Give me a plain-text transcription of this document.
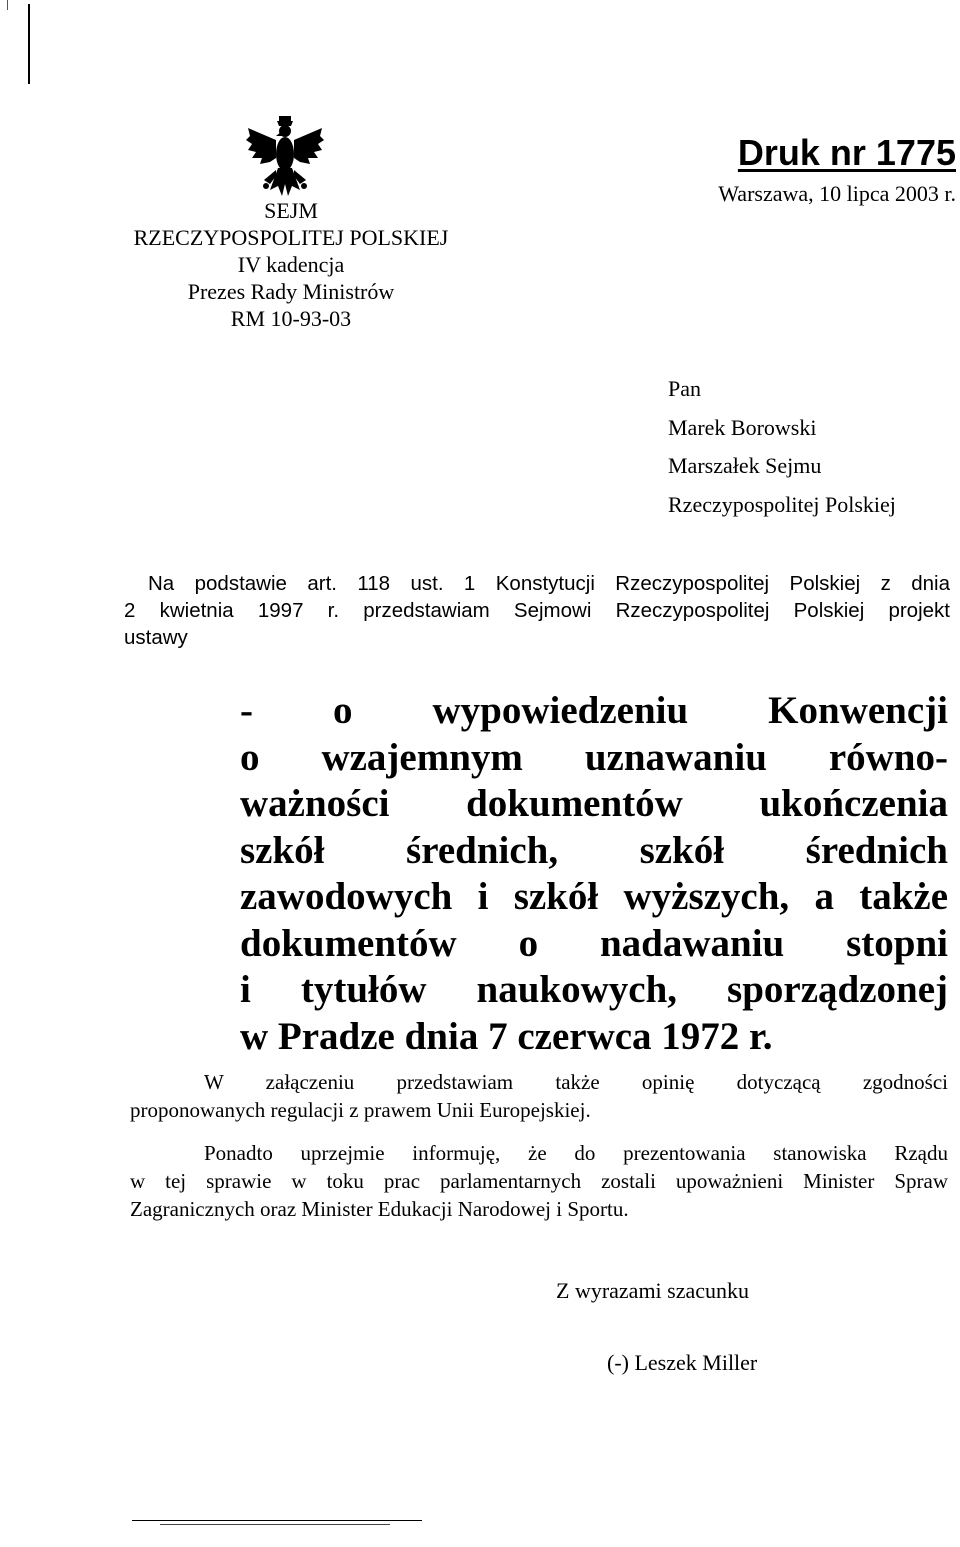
SEJM
RZECZYPOSPOLITEJ POLSKIEJ
IV kadencja
Prezes Rady Ministrów
RM 10-93-03
Druk nr 1775
Warszawa, 10 lipca 2003 r.
Pan
Marek Borowski
Marszałek Sejmu
Rzeczypospolitej Polskiej
Na podstawie art. 118 ust. 1 Konstytucji Rzeczypospolitej Polskiej z dnia
2 kwietnia 1997 r. przedstawiam Sejmowi Rzeczypospolitej Polskiej projekt
ustawy
- o wypowiedzeniu Konwencji
o wzajemnym uznawaniu równo-
ważności dokumentów ukończenia
szkół średnich, szkół średnich
zawodowych i szkół wyższych, a także
dokumentów o nadawaniu stopni
i tytułów naukowych, sporządzonej
w Pradze dnia 7 czerwca 1972 r.
W załączeniu przedstawiam także opinię dotyczącą zgodności
proponowanych regulacji z prawem Unii Europejskiej.
Ponadto uprzejmie informuję, że do prezentowania stanowiska Rządu
w tej sprawie w toku prac parlamentarnych zostali upoważnieni Minister Spraw
Zagranicznych oraz Minister Edukacji Narodowej i Sportu.
Z wyrazami szacunku
(-) Leszek Miller
